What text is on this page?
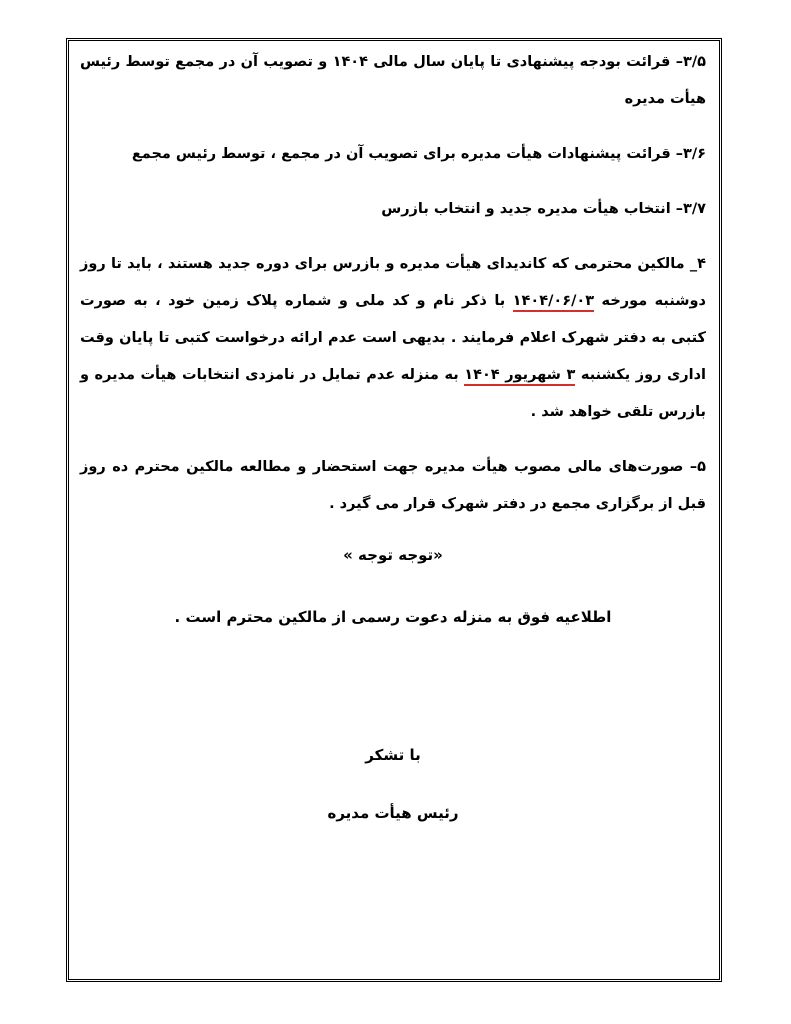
۳/۵– قرائت بودجه پیشنهادی تا پایان سال مالی ۱۴۰۴ و تصویب آن در مجمع توسط رئیس هیأت مدیره

۳/۶– قرائت پیشنهادات هیأت مدیره برای تصویب آن در مجمع ، توسط رئیس مجمع

۳/۷– انتخاب هیأت مدیره جدید و انتخاب بازرس

۴_ مالکین محترمی که کاندیدای هیأت مدیره و بازرس برای دوره جدید هستند ، باید تا روز دوشنبه مورخه ۱۴۰۴/۰۶/۰۳ با ذکر نام و کد ملی و شماره پلاک زمین خود ، به صورت کتبی به دفتر شهرک اعلام فرمایند . بدیهی است عدم ارائه درخواست کتبی تا پایان وقت اداری روز یکشنبه ۳ شهریور ۱۴۰۴ به منزله عدم تمایل در نامزدی انتخابات هیأت مدیره و بازرس تلقی خواهد شد .

۵– صورت‌های مالی مصوب هیأت مدیره جهت استحضار و مطالعه مالکین محترم ده روز قبل از برگزاری مجمع در دفتر شهرک قرار می گیرد .

«توجه توجه »
اطلاعیه فوق به منزله دعوت رسمی از مالکین محترم است .
با تشکر
رئیس هیأت مدیره
